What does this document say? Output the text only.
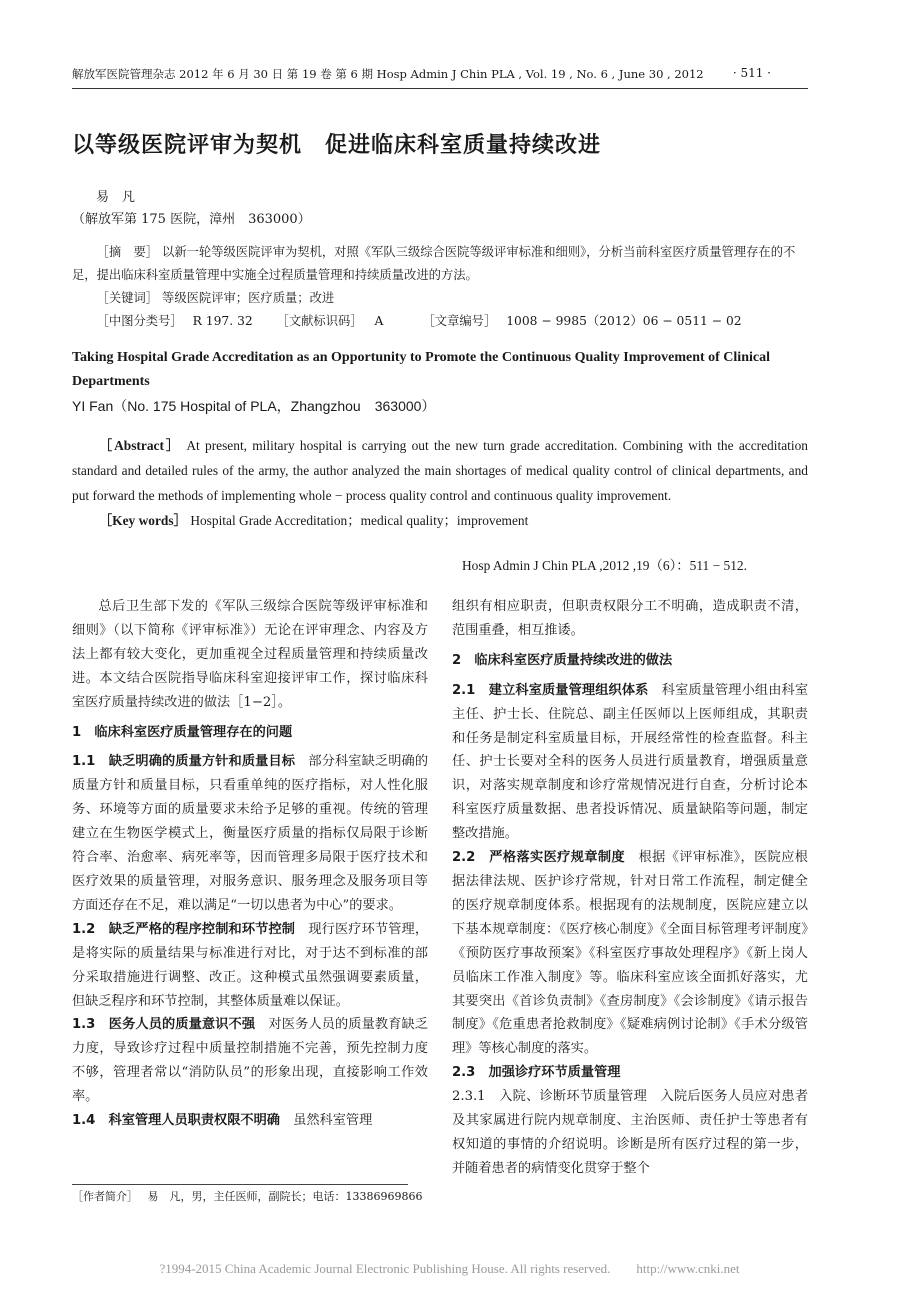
解放军医院管理杂志 2012 年 6 月 30 日 第 19 卷 第 6 期 Hosp Admin J Chin PLA , Vol. 19 , No. 6 , June 30 , 2012 · 511 ·
以等级医院评审为契机　促进临床科室质量持续改进
易　凡
（解放军第 175 医院，漳州　363000）
［摘　要］ 以新一轮等级医院评审为契机，对照《军队三级综合医院等级评审标准和细则》，分析当前科室医疗质量管理存在的不足，提出临床科室质量管理中实施全过程质量管理和持续质量改进的方法。
［关键词］ 等级医院评审；医疗质量；改进
［中图分类号］ R 197. 32 ［文献标识码］ A	［文章编号］ 1008 − 9985（2012）06 − 0511 − 02
Taking Hospital Grade Accreditation as an Opportunity to Promote the Continuous Quality Improvement of Clinical Departments
YI Fan（No. 175 Hospital of PLA，Zhangzhou　363000）
［Abstract］ At present, military hospital is carrying out the new turn grade accreditation. Combining with the accreditation standard and detailed rules of the army, the author analyzed the main shortages of medical quality control of clinical departments, and put forward the methods of implementing whole − process quality control and continuous quality improvement.
［Key words］ Hospital Grade Accreditation；medical quality；improvement
Hosp Admin J Chin PLA ,2012 ,19（6）：511 − 512.

总后卫生部下发的《军队三级综合医院等级评审标准和细则》（以下简称《评审标准》）无论在评审理念、内容及方法上都有较大变化，更加重视全过程质量管理和持续质量改进。本文结合医院指导临床科室迎接评审工作，探讨临床科室医疗质量持续改进的做法［1−2］。

1　临床科室医疗质量管理存在的问题

1.1　缺乏明确的质量方针和质量目标　 部分科室缺乏明确的质量方针和质量目标，只看重单纯的医疗指标，对人性化服务、环境等方面的质量要求未给予足够的重视。传统的管理建立在生物医学模式上，衡量医疗质量的指标仅局限于诊断符合率、治愈率、病死率等，因而管理多局限于医疗技术和医疗效果的质量管理，对服务意识、服务理念及服务项目等方面还存在不足，难以满足“一切以患者为中心”的要求。

1.2　缺乏严格的程序控制和环节控制　 现行医疗环节管理，是将实际的质量结果与标准进行对比，对于达不到标准的部分采取措施进行调整、改正。这种模式虽然强调要素质量，但缺乏程序和环节控制，其整体质量难以保证。

1.3　医务人员的质量意识不强　 对医务人员的质量教育缺乏力度，导致诊疗过程中质量控制措施不完善，预先控制力度不够，管理者常以“消防队员”的形象出现，直接影响工作效率。

1.4　科室管理人员职责权限不明确　 虽然科室管理

组织有相应职责，但职责权限分工不明确，造成职责不清，范围重叠，相互推诿。

2　临床科室医疗质量持续改进的做法

2.1　建立科室质量管理组织体系　 科室质量管理小组由科室主任、护士长、住院总、副主任医师以上医师组成，其职责和任务是制定科室质量目标，开展经常性的检查监督。科主任、护士长要对全科的医务人员进行质量教育，增强质量意识，对落实规章制度和诊疗常规情况进行自查，分析讨论本科室医疗质量数据、患者投诉情况、质量缺陷等问题，制定整改措施。

2.2　严格落实医疗规章制度　 根据《评审标准》，医院应根据法律法规、医护诊疗常规，针对日常工作流程，制定健全的医疗规章制度体系。根据现有的法规制度，医院应建立以下基本规章制度：《医疗核心制度》《全面目标管理考评制度》《预防医疗事故预案》《科室医疗事故处理程序》《新上岗人员临床工作准入制度》等。临床科室应该全面抓好落实，尤其要突出《首诊负责制》《查房制度》《会诊制度》《请示报告制度》《危重患者抢救制度》《疑难病例讨论制》《手术分级管理》等核心制度的落实。

2.3　加强诊疗环节质量管理

2.3.1　入院、诊断环节质量管理　 入院后医务人员应对患者及其家属进行院内规章制度、主治医师、责任护士等患者有权知道的事情的介绍说明。诊断是所有医疗过程的第一步，并随着患者的病情变化贯穿于整个

［作者简介］ 易　凡，男，主任医师，副院长；电话：13386969866
?1994-2015 China Academic Journal Electronic Publishing House. All rights reserved.　　http://www.cnki.net
